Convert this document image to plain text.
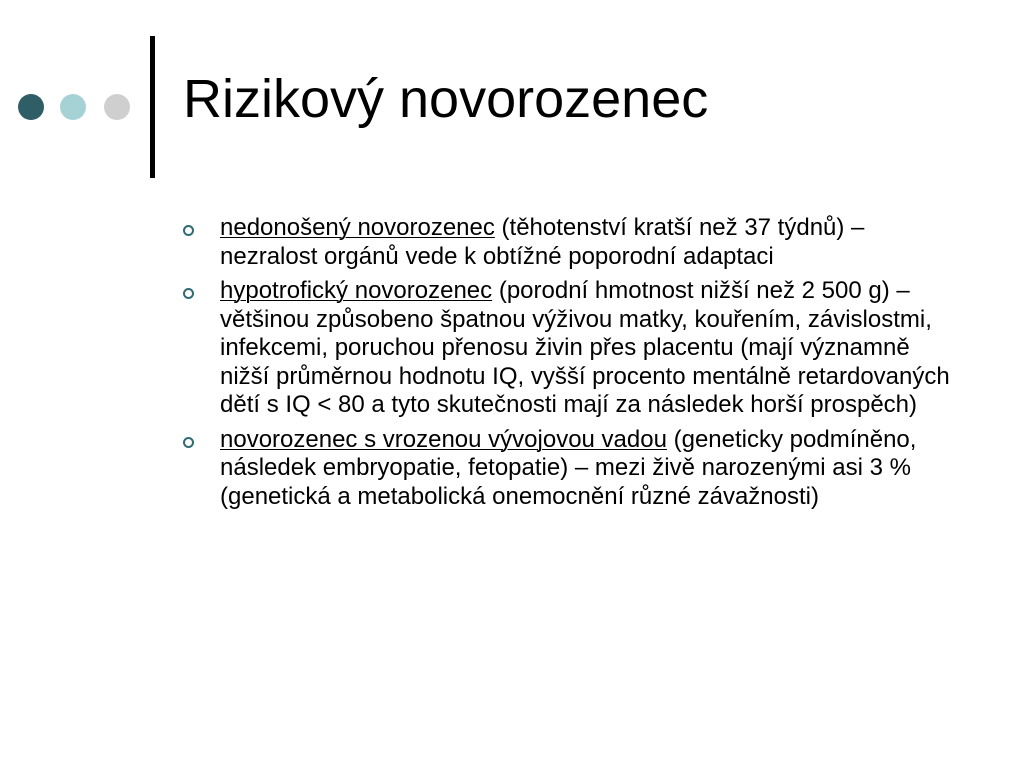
Rizikový novorozenec
nedonošený novorozenec (těhotenství kratší než 37 týdnů) – nezralost orgánů vede k obtížné poporodní adaptaci
hypotrofický novorozenec (porodní hmotnost nižší než 2 500 g) – většinou způsobeno špatnou výživou matky, kouřením, závislostmi, infekcemi, poruchou přenosu živin přes placentu (mají významně nižší průměrnou hodnotu IQ, vyšší procento mentálně retardovaných dětí s IQ < 80 a tyto skutečnosti mají za následek horší prospěch)
novorozenec s vrozenou vývojovou vadou (geneticky podmíněno, následek embryopatie, fetopatie) – mezi živě narozenými asi 3 % (genetická a metabolická onemocnění různé závažnosti)
